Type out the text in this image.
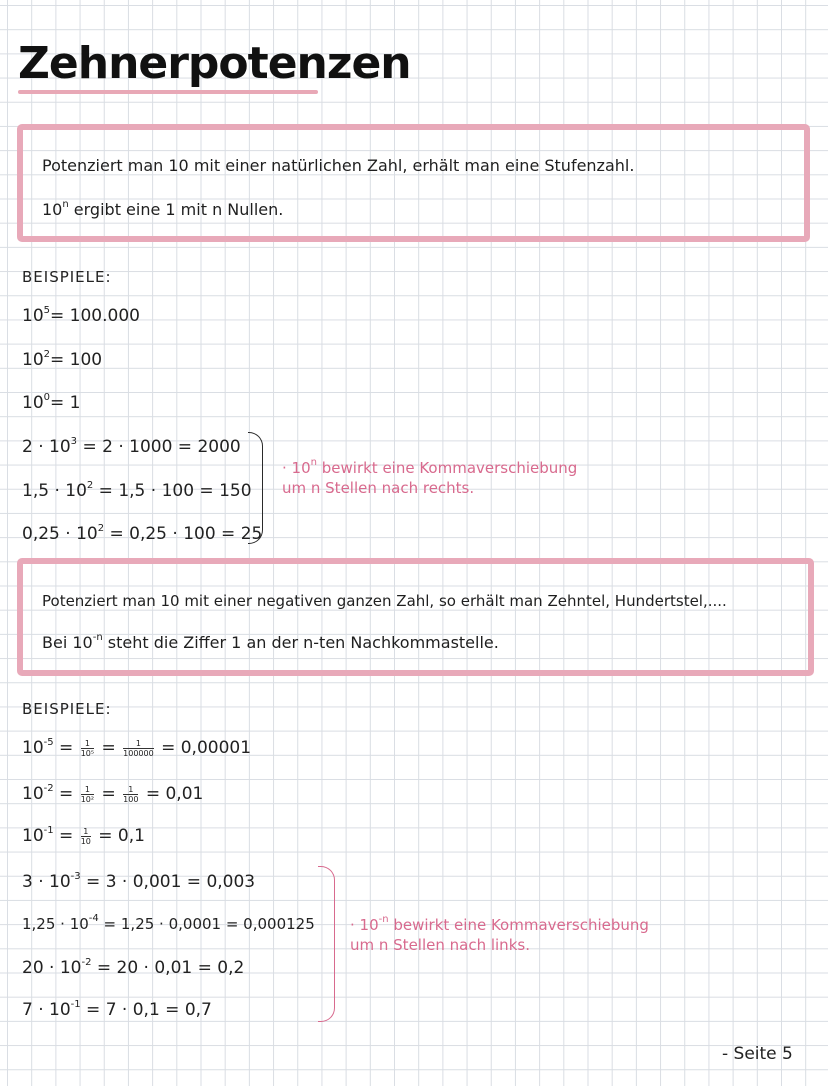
Zehnerpotenzen
Potenziert man 10 mit einer natürlichen Zahl, erhält man eine Stufenzahl.
10$^n$ ergibt eine 1 mit n Nullen.
BEISPIELE:
$10^5= 100.000$
$10^2= 100$
$10^0= 1$
$2 \cdot 10^3 = 2 \cdot 1000 = 2000$
$1,5 \cdot 10^2 = 1,5 \cdot 100 = 150$
$0,25 \cdot 10^2 = 0,25 \cdot 100 = 25$
· $10^n$ bewirkt eine Kommaverschiebung
um n Stellen nach rechts.
Potenziert man 10 mit einer negativen ganzen Zahl, so erhält man Zehntel, Hundertstel,....
Bei $10^{-n}$ steht die Ziffer 1 an der n-ten Nachkommastelle.
BEISPIELE:
$10^{-5} = \frac{1}{\text{10⁵}} = \frac{1}{100000} = 0,00001$
$10^{-2} = \frac{1}{\text{10²}} = \frac{1}{100} = 0,01$
$10^{-1} = \frac{1}{10} = 0,1$
$3 \cdot 10^{-3} = 3 \cdot 0,001 = 0,003$
$1,25 \cdot 10^{-4} = 1,25 \cdot 0,0001 = 0,000125$
$20 \cdot 10^{-2} = 20 \cdot 0,01 = 0,2$
$7 \cdot 10^{-1} = 7 \cdot 0,1 = 0,7$
· $10^{-n}$ bewirkt eine Kommaverschiebung
um n Stellen nach links.
- Seite 5
